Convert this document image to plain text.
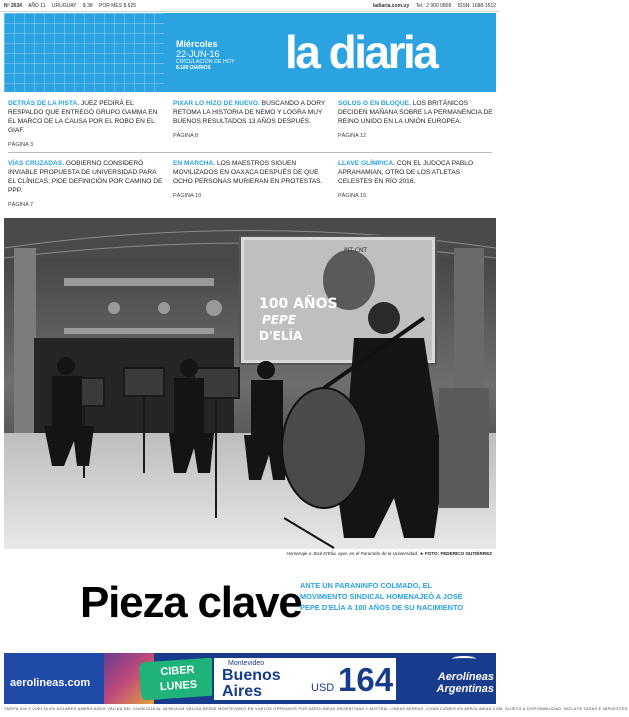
Nº 2634 AÑO 11 URUGUAY $ 38 POR MES $ 625	ladiaria.com.uy Tel.: 2 900 0808 ISSN: 1688-1512
Miércoles
22-JUN-16
CIRCULACIÓN DE HOY
8.180 DIARIOS	la diaria
DETRÁS DE LA PISTA. JUEZ PEDIRÁ EL RESPALDO QUE ENTREGÓ GRUPO GAMMA EN EL MARCO DE LA CAUSA POR EL ROBO EN EL GIAF.
PÁGINA 3
PIXAR LO HIZO DE NUEVO. BUSCANDO A DORY RETOMA LA HISTORIA DE NEMO Y LOGRA MUY BUENOS RESULTADOS 13 AÑOS DESPUÉS.
PÁGINA 8
SOLOS O EN BLOQUE. LOS BRITÁNICOS DECIDEN MAÑANA SOBRE LA PERMANENCIA DE REINO UNIDO EN LA UNIÓN EUROPEA.
PÁGINA 12
VÍAS CRUZADAS. GOBIERNO CONSIDERÓ INVIABLE PROPUESTA DE UNIVERSIDAD PARA EL CLÍNICAS; PIDE DEFINICIÓN POR CAMINO DE PPP.
PÁGINA 7
EN MARCHA. LOS MAESTROS SIGUEN MOVILIZADOS EN OAXACA DESPUÉS DE QUE OCHO PERSONAS MURIERAN EN PROTESTAS.
PÁGINA 10
LLAVE OLÍMPICA. CON EL JUDOCA PABLO APRAHAMIAN, OTRO DE LOS ATLETAS CELESTES EN RÍO 2016.
PÁGINA 15
100 AÑOS
PEPE
D'ELÍA
PIT-CNT
Homenaje a José D'Elía, ayer, en el Paraninfo de la Universidad. ★ FOTO: FEDERICO GUTIÉRREZ
Pieza clave
ANTE UN PARANINFO COLMADO, EL MOVIMIENTO SINDICAL HOMENAJEÓ A JOSÉ PEPE D'ELÍA A 100 AÑOS DE SU NACIMIENTO
aerolineas.com
CIBER
LUNES
Montevideo
Buenos Aires	USD 164	Aerolíneas Argentinas
TARIFA IDA Y VUELTA EN DÓLARES AMERICANOS VÁLIDA DEL 20/06/2016 AL 30/06/2016 VÁLIDA DESDE MONTEVIDEO EN VUELOS OPERADOS POR AEROLÍNEAS ARGENTINAS Y AUSTRAL LÍNEAS AÉREAS. CONDICIONES EN AEROLINEAS.COM. SUJETO A DISPONIBILIDAD. INCLUYE TASAS E IMPUESTOS.
